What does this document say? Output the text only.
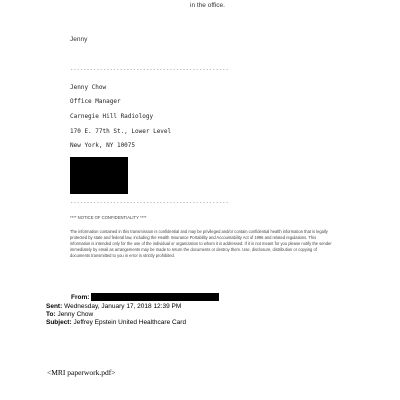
in the office.
Jenny
------------------------------------------------
Jenny Chow
Office Manager
Carnegie Hill Radiology
170 E. 77th St., Lower Level
New York, NY 10075
------------------------------------------------
**** NOTICE OF CONFIDENTIALITY ****
The information contained in this transmission is confidential and may be privileged and/or contain confidential health information that is legally protected by state and federal law, including the Health Insurance Portability and Accountability Act of 1996 and related regulations. This information is intended only for the use of the individual or organization to whom it is addressed. If it is not meant for you please notify the sender immediately by email as arrangements may be made to return the documents or destroy them. Use, disclosure, distribution or copying of documents transmitted to you in error is strictly prohibited.
From:
Sent: Wednesday, January 17, 2018 12:39 PM
To: Jenny Chow
Subject: Jeffrey Epstein United Healthcare Card
<MRI paperwork.pdf>
